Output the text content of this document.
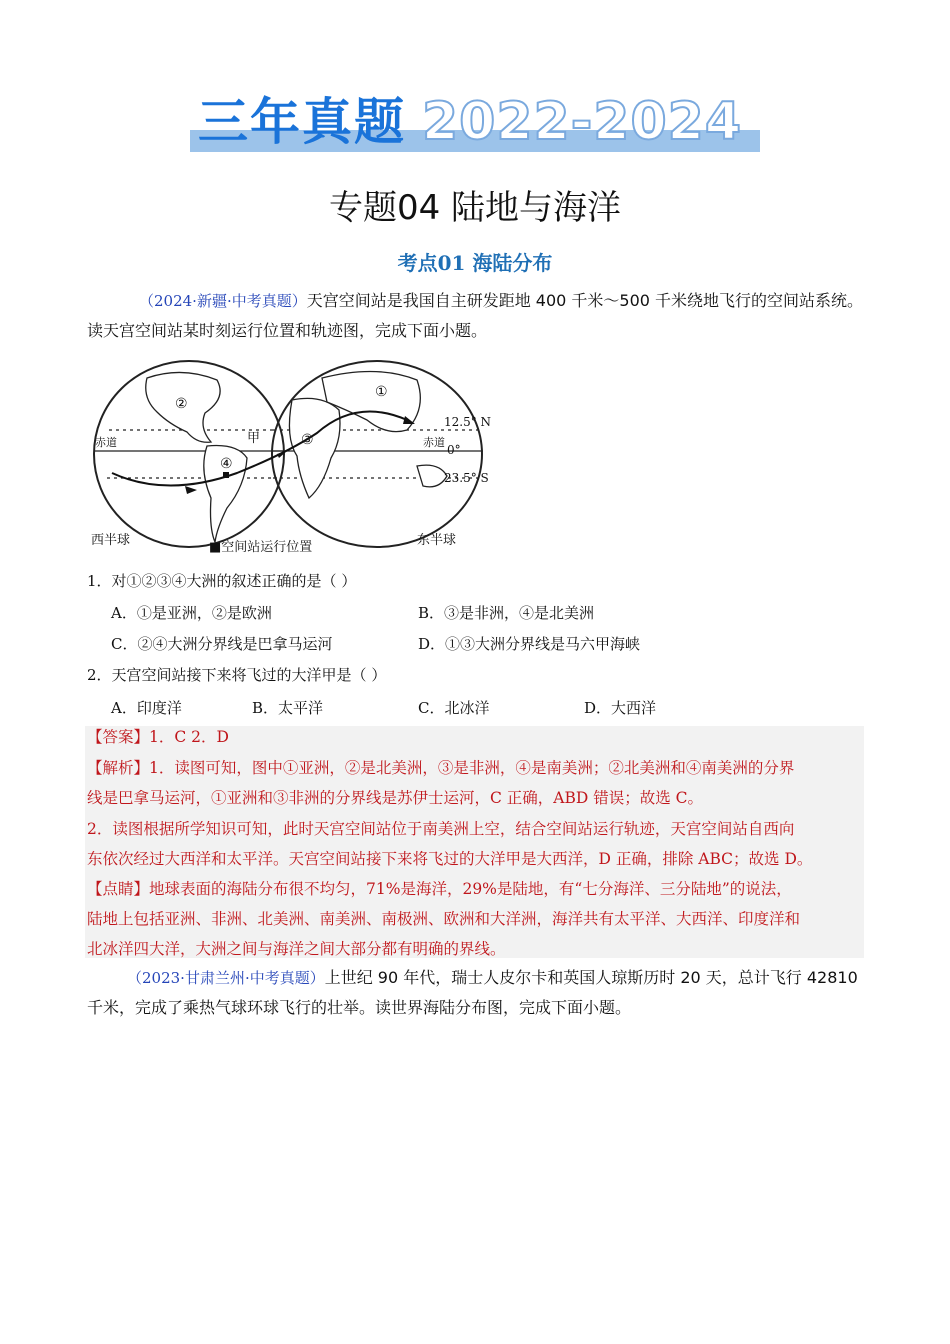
三年真题 2022-2024
专题04 陆地与海洋
考点01 海陆分布
（2024·新疆·中考真题）天宫空间站是我国自主研发距地 400 千米～500 千米绕地飞行的空间站系统。
读天宫空间站某时刻运行位置和轨迹图，完成下面小题。
②
①
③
④
甲
赤道	赤道
12.5° N
0°
23.5° S
西半球	东半球
■空间站运行位置
1．对①②③④大洲的叙述正确的是（ ）
A．①是亚洲，②是欧洲	B．③是非洲，④是北美洲
C．②④大洲分界线是巴拿马运河	D．①③大洲分界线是马六甲海峡
2．天宫空间站接下来将飞过的大洋甲是（ ）
A．印度洋	B．太平洋	C．北冰洋	D．大西洋
【答案】1．C 2．D
【解析】1．读图可知，图中①亚洲，②是北美洲，③是非洲，④是南美洲；②北美洲和④南美洲的分界
线是巴拿马运河，①亚洲和③非洲的分界线是苏伊士运河，C 正确，ABD 错误；故选 C。
2．读图根据所学知识可知，此时天宫空间站位于南美洲上空，结合空间站运行轨迹，天宫空间站自西向
东依次经过大西洋和太平洋。天宫空间站接下来将飞过的大洋甲是大西洋，D 正确，排除 ABC；故选 D。
【点睛】地球表面的海陆分布很不均匀，71%是海洋，29%是陆地，有“七分海洋、三分陆地”的说法，
陆地上包括亚洲、非洲、北美洲、南美洲、南极洲、欧洲和大洋洲，海洋共有太平洋、大西洋、印度洋和
北冰洋四大洋，大洲之间与海洋之间大部分都有明确的界线。
（2023·甘肃兰州·中考真题）上世纪 90 年代，瑞士人皮尔卡和英国人琼斯历时 20 天，总计飞行 42810
千米，完成了乘热气球环球飞行的壮举。读世界海陆分布图，完成下面小题。
